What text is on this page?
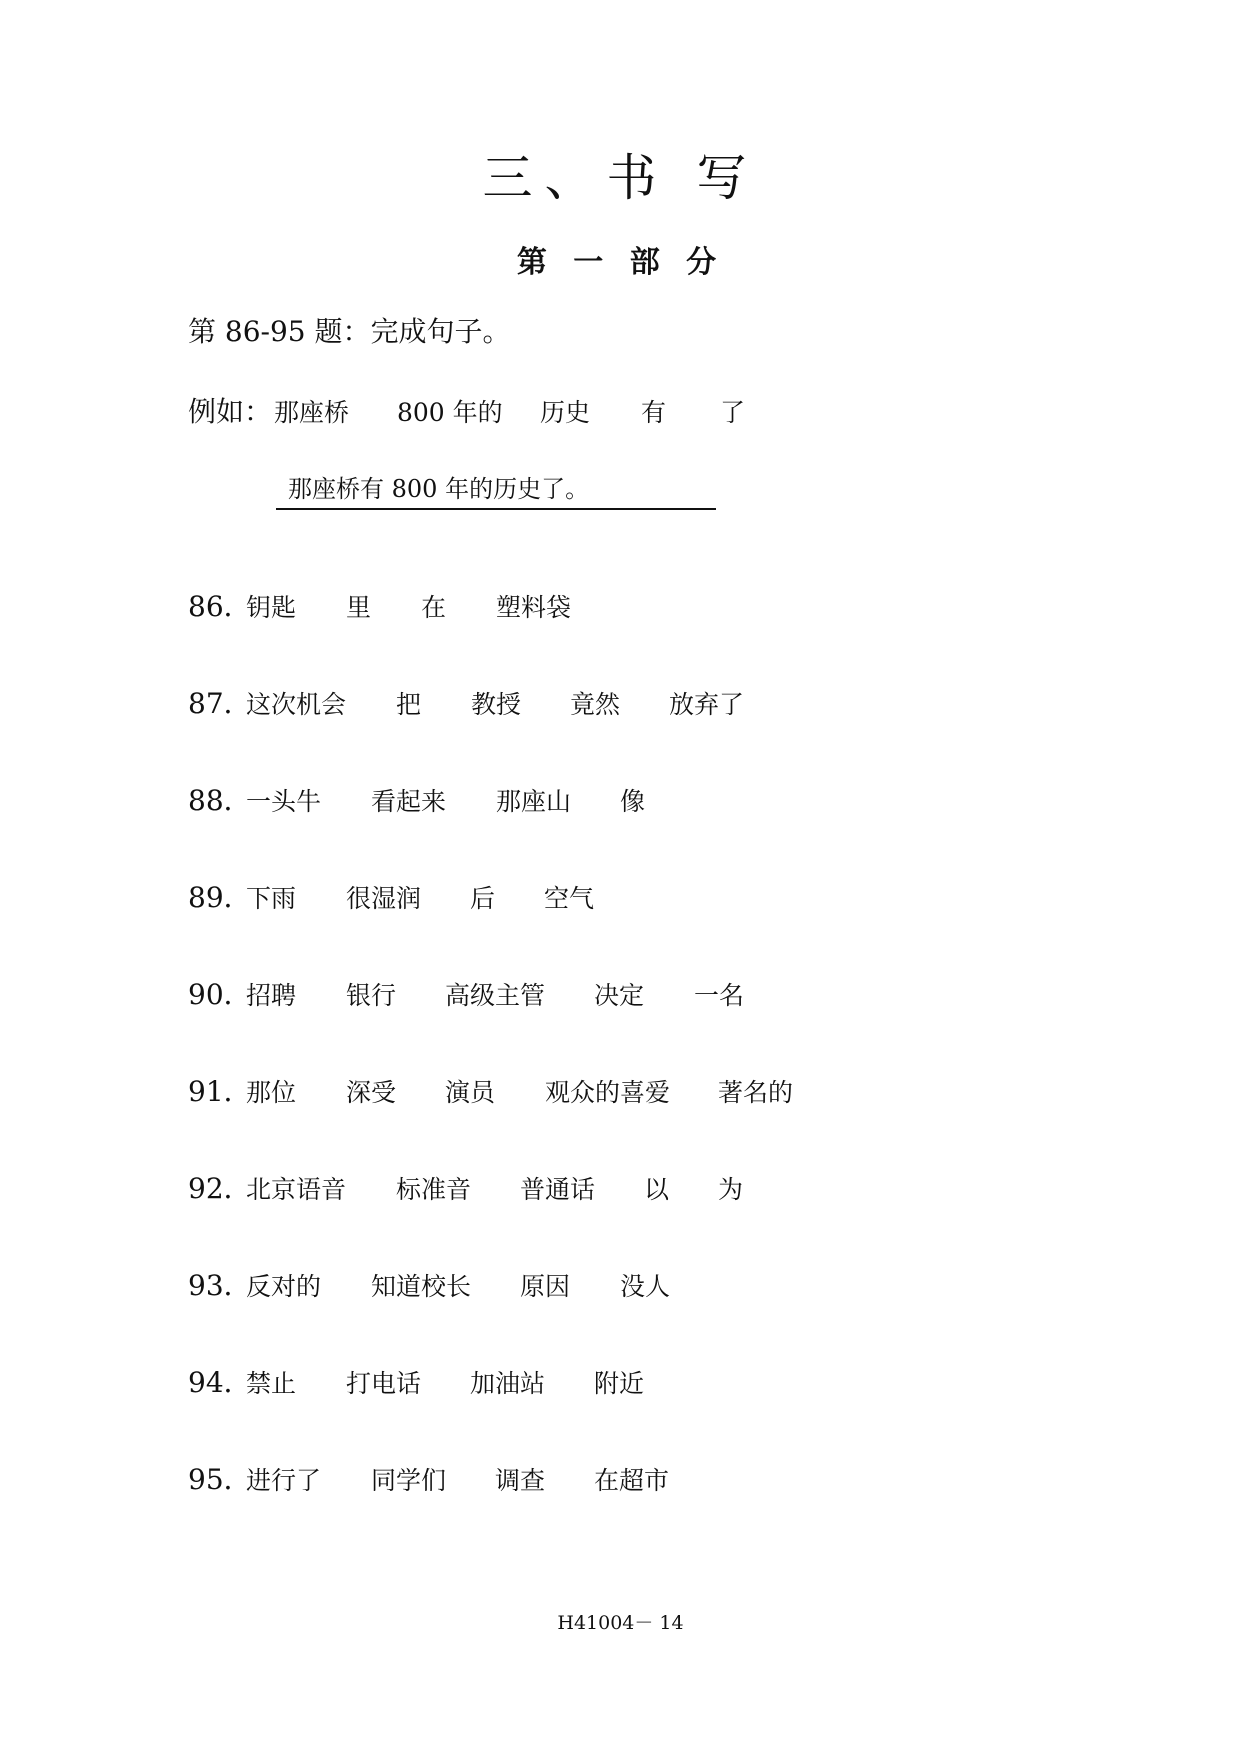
三、书 写
第 一 部 分
第 86-95 题：完成句子。
例如： 那座桥 800 年的 历史 有 了
那座桥有 800 年的历史了。
86．
钥匙 里 在 塑料袋
87．
这次机会 把 教授 竟然 放弃了
88．
一头牛 看起来 那座山 像
89．
下雨 很湿润 后 空气
90．
招聘 银行 高级主管 决定 一名
91．
那位 深受 演员 观众的喜爱 著名的
92．
北京语音 标准音 普通话 以 为
93．
反对的 知道校长 原因 没人
94．
禁止 打电话 加油站 附近
95．
进行了 同学们 调查 在超市
H41004－ 14
